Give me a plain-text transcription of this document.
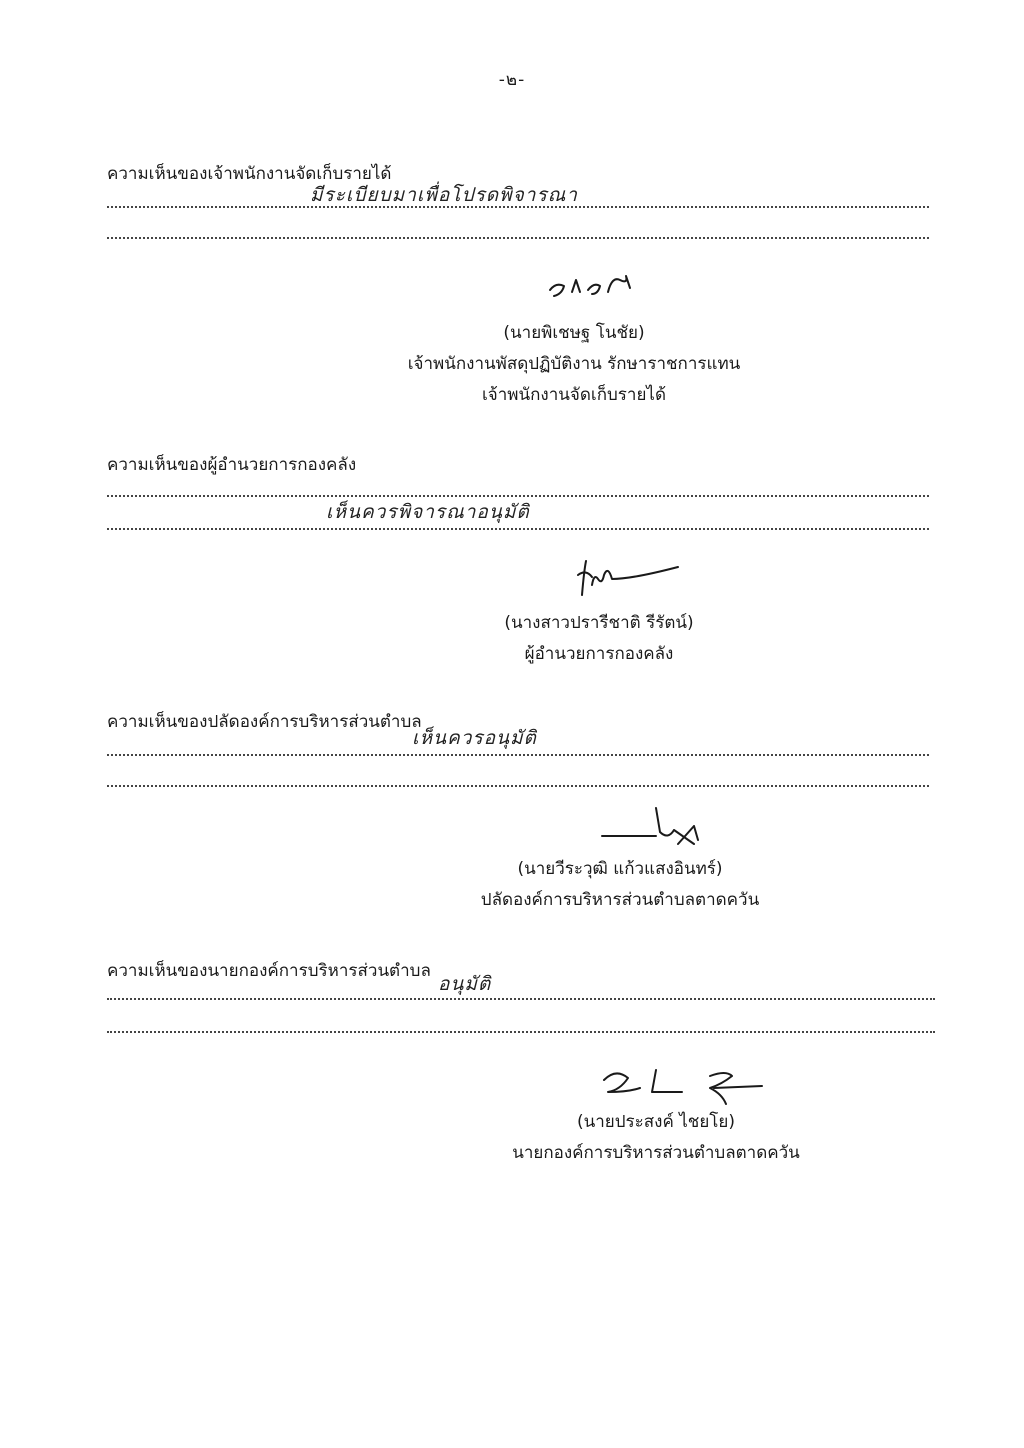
-๒-
ความเห็นของเจ้าพนักงานจัดเก็บรายได้
มีระเบียบมาเพื่อโปรดพิจารณา
(นายพิเชษฐ โนชัย)
เจ้าพนักงานพัสดุปฏิบัติงาน รักษาราชการแทน
เจ้าพนักงานจัดเก็บรายได้
ความเห็นของผู้อำนวยการกองคลัง
เห็นควรพิจารณาอนุมัติ
(นางสาวปรารีชาติ รีรัตน์)
ผู้อำนวยการกองคลัง
ความเห็นของปลัดองค์การบริหารส่วนตำบล
เห็นควรอนุมัติ
(นายวีระวุฒิ แก้วแสงอินทร์)
ปลัดองค์การบริหารส่วนตำบลตาดควัน
ความเห็นของนายกองค์การบริหารส่วนตำบล
อนุมัติ
(นายประสงค์ ไชยโย)
นายกองค์การบริหารส่วนตำบลตาดควัน
